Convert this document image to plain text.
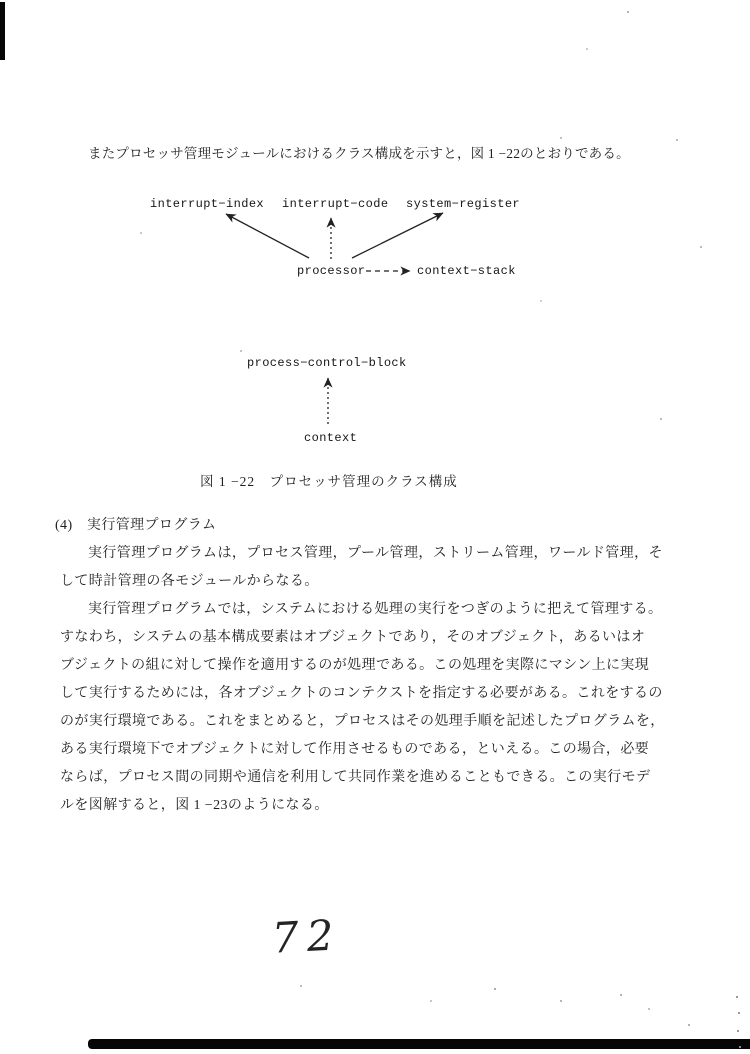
またプロセッサ管理モジュールにおけるクラス構成を示すと，図 1 −22のとおりである。
interrupt−index interrupt−code system−register
processor	context−stack
process−control−block
context
図 1 −22　プロセッサ管理のクラス構成
(4)　実行管理プログラム
実行管理プログラムは，プロセス管理，プール管理，ストリーム管理，ワールド管理，そ
して時計管理の各モジュールからなる。
実行管理プログラムでは，システムにおける処理の実行をつぎのように把えて管理する。
すなわち，システムの基本構成要素はオブジェクトであり，そのオブジェクト，あるいはオ
ブジェクトの組に対して操作を適用するのが処理である。この処理を実際にマシン上に実現
して実行するためには，各オブジェクトのコンテクストを指定する必要がある。これをするの
のが実行環境である。これをまとめると，プロセスはその処理手順を記述したプログラムを，
ある実行環境下でオブジェクトに対して作用させるものである，といえる。この場合，必要
ならば，プロセス間の同期や通信を利用して共同作業を進めることもできる。この実行モデ
ルを図解すると，図 1 −23のようになる。
72
